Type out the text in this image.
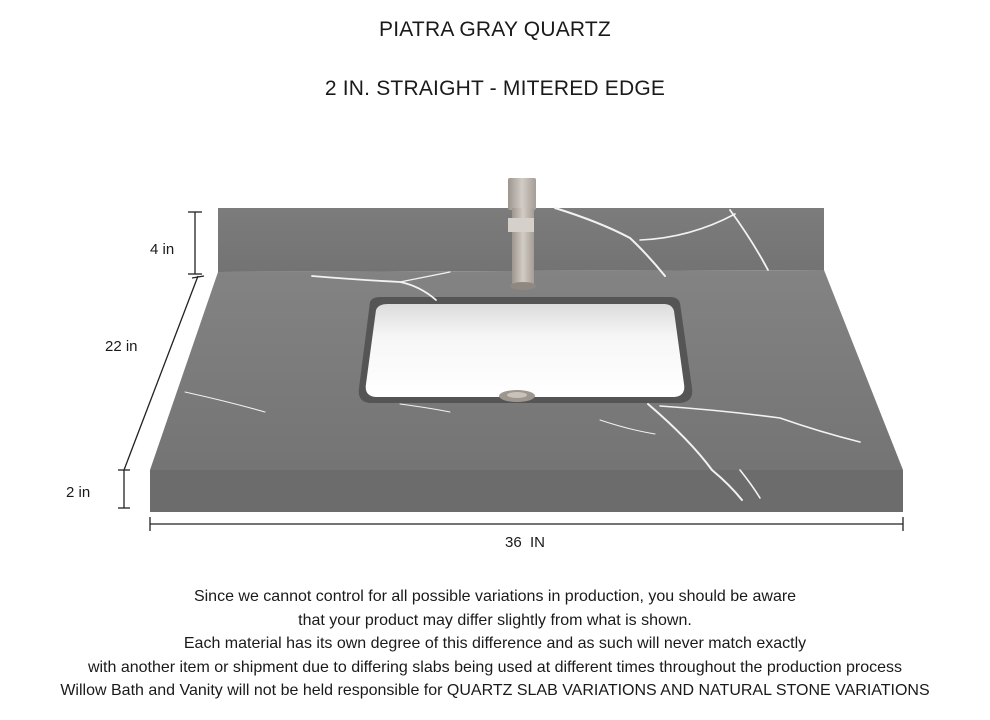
PIATRA GRAY QUARTZ
2 IN. STRAIGHT - MITERED EDGE
4 in
22 in
2 in
36  IN
Since we cannot control for all possible variations in production, you should be aware
that your product may differ slightly from what is shown.
Each material has its own degree of this difference and as such will never match exactly
with another item or shipment due to differing slabs being used at different times throughout the production process
Willow Bath and Vanity will not be held responsible for QUARTZ SLAB VARIATIONS AND NATURAL STONE VARIATIONS
